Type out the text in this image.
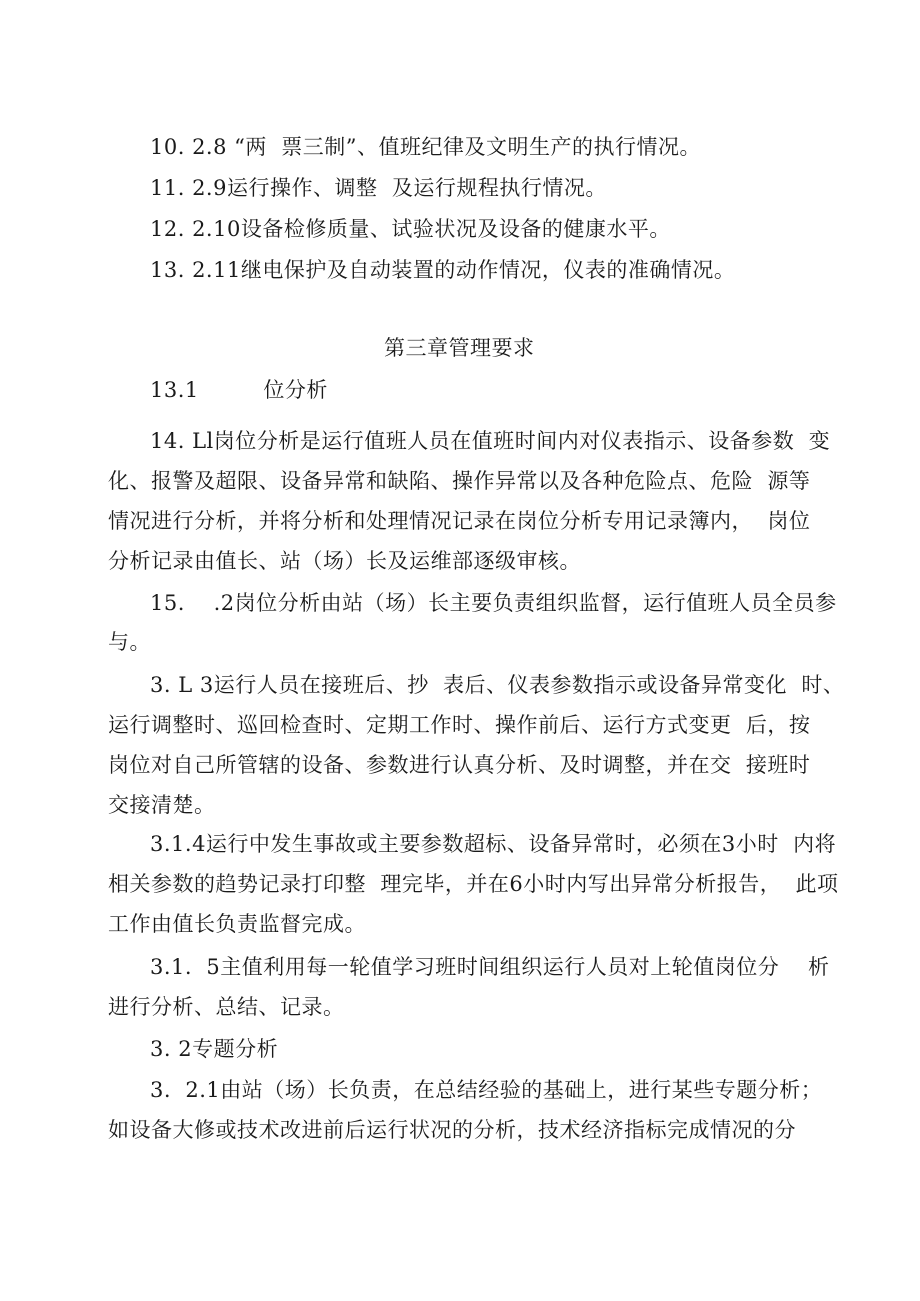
10. 2.8 “两  票三制”、值班纪律及文明生产的执行情况。
11. 2.9运行操作、调整  及运行规程执行情况。
12. 2.10设备检修质量、试验状况及设备的健康水平。
13. 2.11继电保护及自动装置的动作情况，仪表的准确情况。
第三章管理要求
13.1         位分析
14. Ll岗位分析是运行值班人员在值班时间内对仪表指示、设备参数  变
化、报警及超限、设备异常和缺陷、操作异常以及各种危险点、危险  源等
情况进行分析，并将分析和处理情况记录在岗位分析专用记录簿内，  岗位
分析记录由值长、站（场）长及运维部逐级审核。
15.    .2岗位分析由站（场）长主要负责组织监督，运行值班人员全员参
与。
3. L 3运行人员在接班后、抄  表后、仪表参数指示或设备异常变化  时、
运行调整时、巡回检查时、定期工作时、操作前后、运行方式变更  后，按
岗位对自己所管辖的设备、参数进行认真分析、及时调整，并在交  接班时
交接清楚。
3.1.4运行中发生事故或主要参数超标、设备异常时，必须在3小时  内将
相关参数的趋势记录打印整  理完毕，并在6小时内写出异常分析报告，  此项
工作由值长负责监督完成。
3.1.  5主值利用每一轮值学习班时间组织运行人员对上轮值岗位分    析
进行分析、总结、记录。
3. 2专题分析
3.  2.1由站（场）长负责，在总结经验的基础上，进行某些专题分析；
如设备大修或技术改进前后运行状况的分析，技术经济指标完成情况的分
